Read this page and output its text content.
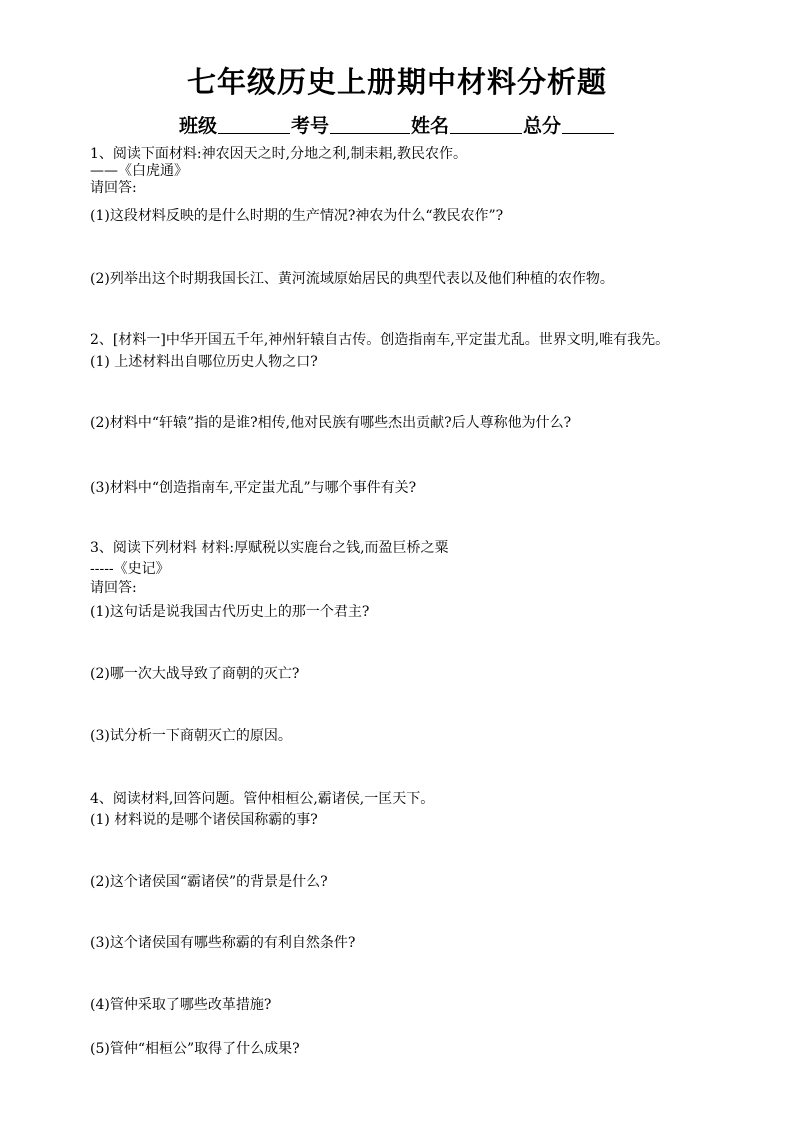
七年级历史上册期中材料分析题
班级	考号	姓名	总分
1、阅读下面材料:神农因天之时,分地之利,制耒耜,教民农作。
——《白虎通》
请回答:
(1)这段材料反映的是什么时期的生产情况?神农为什么“教民农作”?
(2)列举出这个时期我国长江、黄河流域原始居民的典型代表以及他们种植的农作物。
2、[材料一]中华开国五千年,神州轩辕自古传。创造指南车,平定蚩尤乱。世界文明,唯有我先。
(1) 上述材料出自哪位历史人物之口?
(2)材料中“轩辕”指的是谁?相传,他对民族有哪些杰出贡献?后人尊称他为什么?
(3)材料中“创造指南车,平定蚩尤乱”与哪个事件有关?
3、阅读下列材料 材料:厚赋税以实鹿台之钱,而盈巨桥之粟
-----《史记》
请回答:
(1)这句话是说我国古代历史上的那一个君主?
(2)哪一次大战导致了商朝的灭亡?
(3)试分析一下商朝灭亡的原因。
4、阅读材料,回答问题。管仲相桓公,霸诸侯,一匡天下。
(1) 材料说的是哪个诸侯国称霸的事?
(2)这个诸侯国“霸诸侯”的背景是什么?
(3)这个诸侯国有哪些称霸的有利自然条件?
(4)管仲采取了哪些改革措施?
(5)管仲“相桓公”取得了什么成果?
